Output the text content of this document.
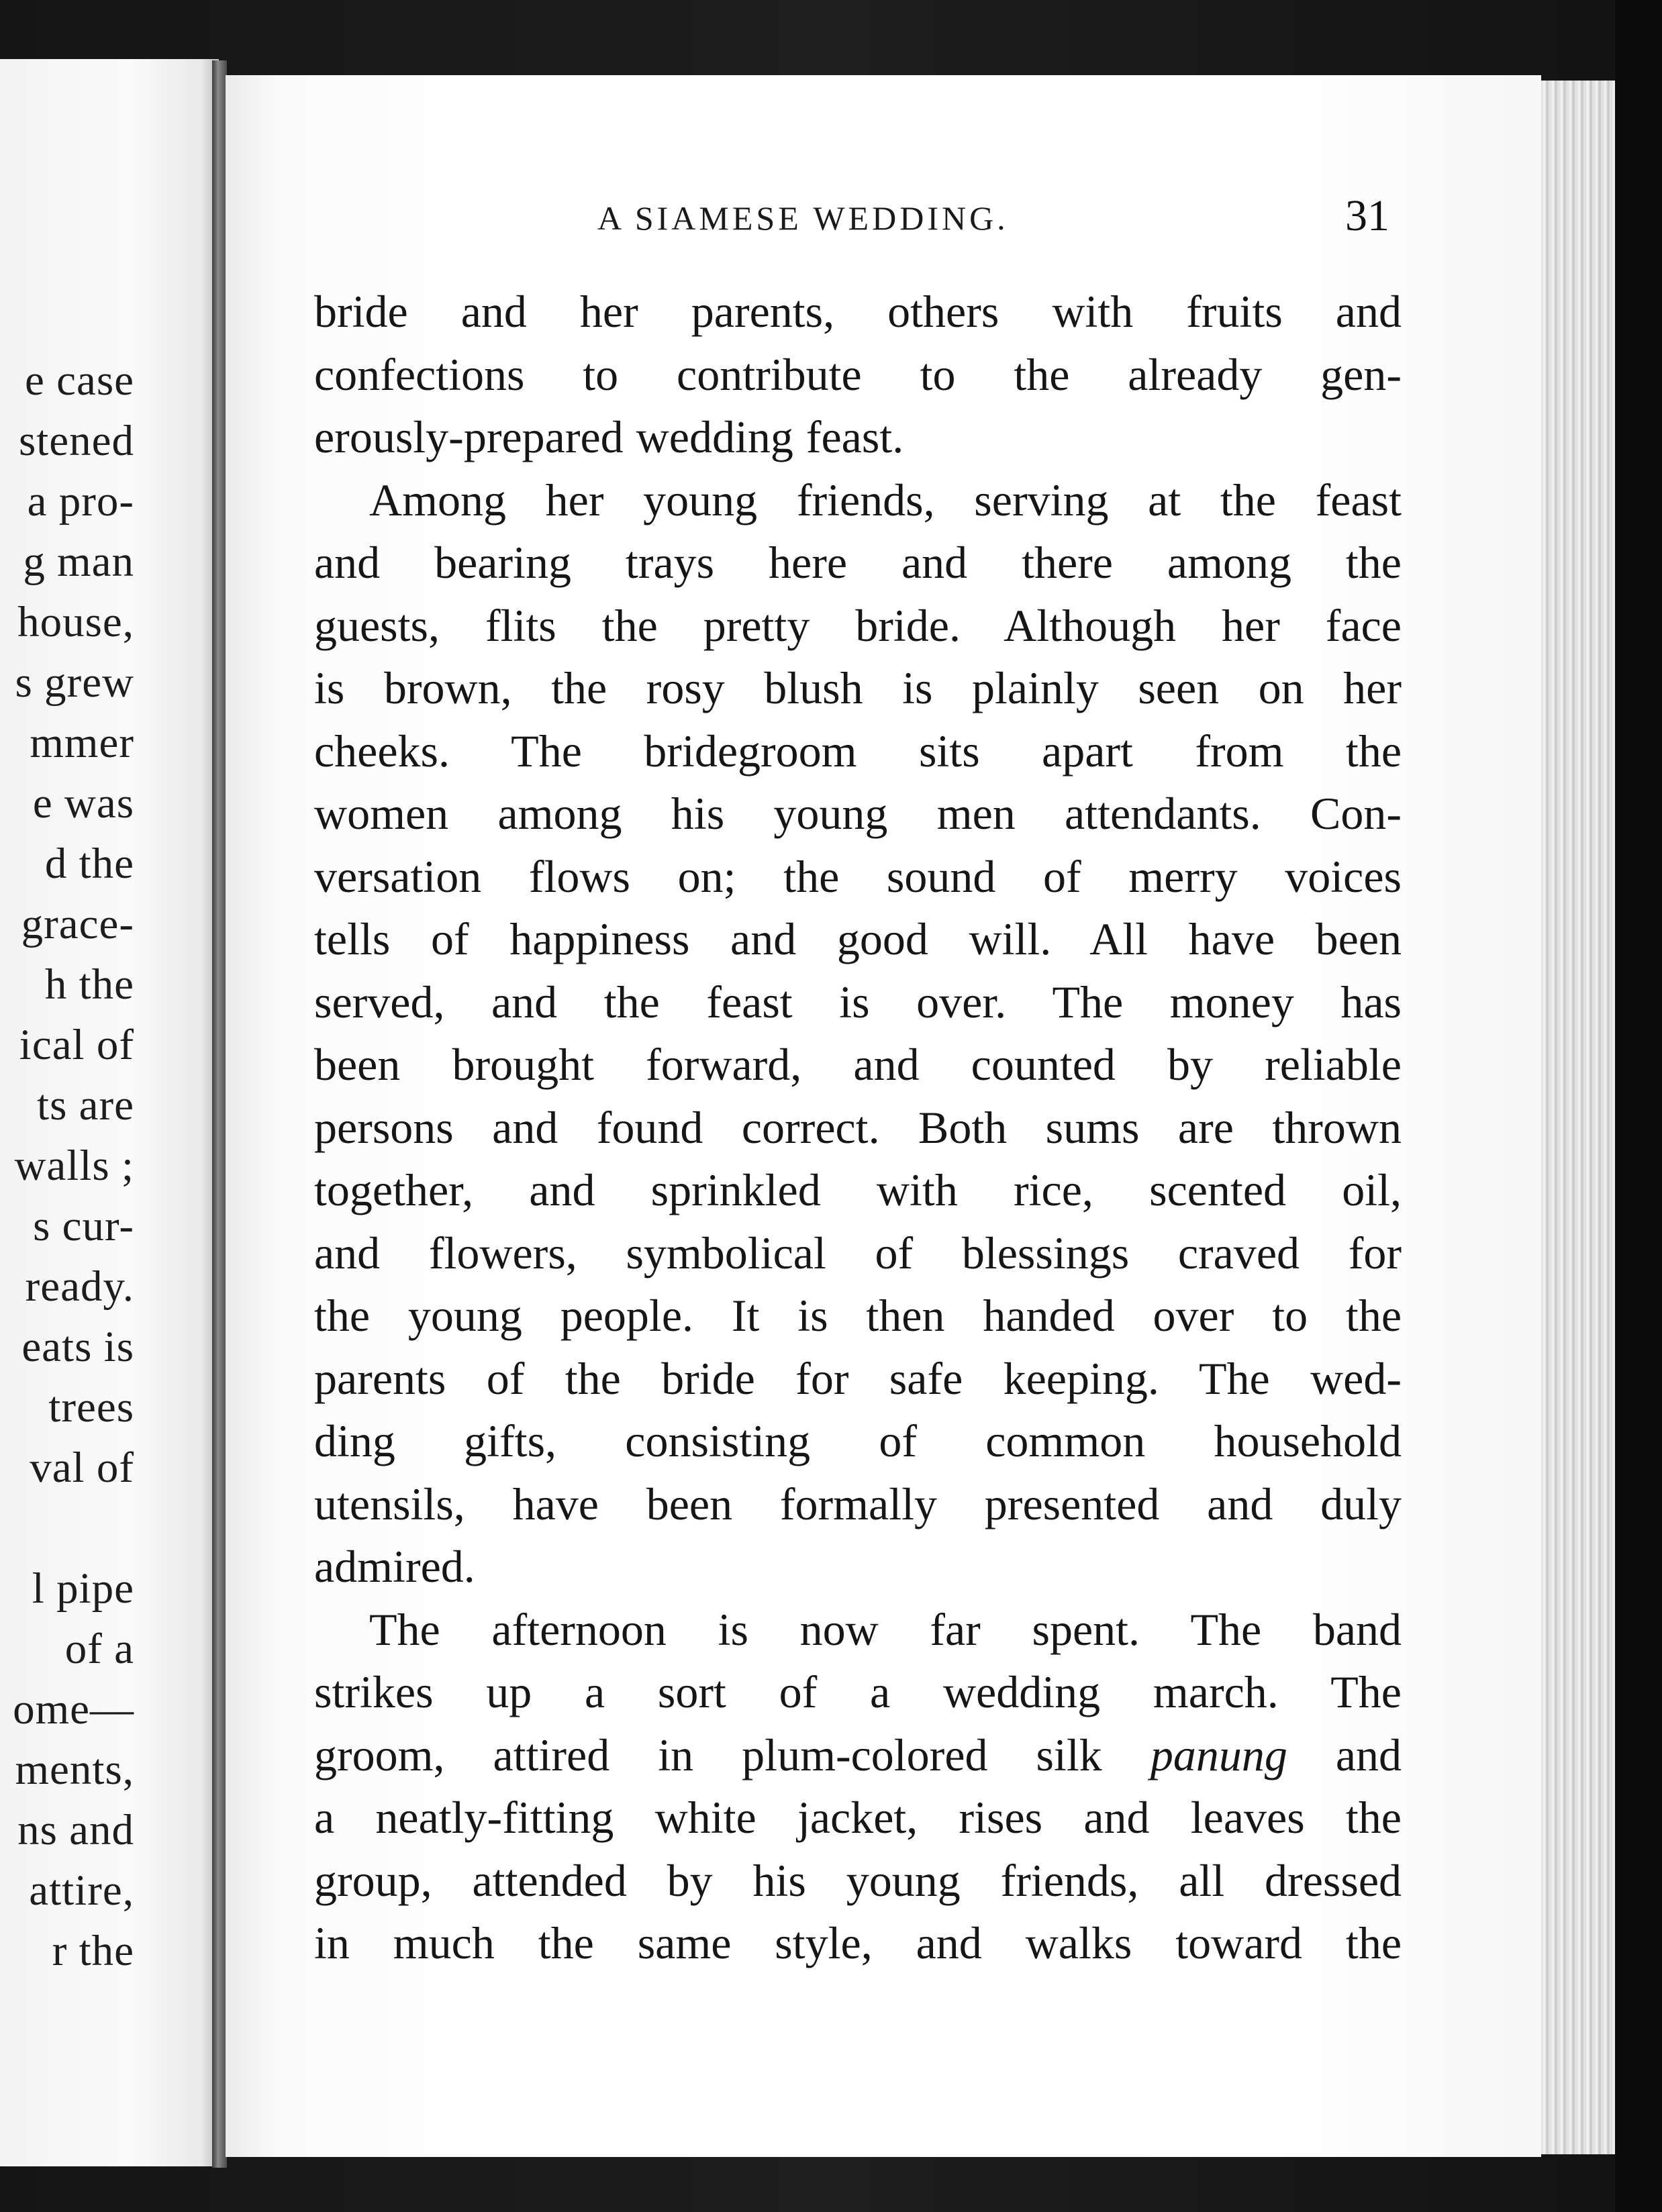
e case
stened
a pro-
g man
house,
s grew
mmer
e was
d the
grace-
h the
ical of
ts are
walls ;
s cur-
ready.
eats is
trees
val of
l pipe
of a
ome—
ments,
ns and
attire,
r the
A SIAMESE WEDDING.	31
bride and her parents, others with fruits and
confections to contribute to the already gen-
erously-prepared wedding feast.
Among her young friends, serving at the feast
and bearing trays here and there among the
guests, flits the pretty bride. Although her face
is brown, the rosy blush is plainly seen on her
cheeks. The bridegroom sits apart from the
women among his young men attendants. Con-
versation flows on; the sound of merry voices
tells of happiness and good will. All have been
served, and the feast is over. The money has
been brought forward, and counted by reliable
persons and found correct. Both sums are thrown
together, and sprinkled with rice, scented oil,
and flowers, symbolical of blessings craved for
the young people. It is then handed over to the
parents of the bride for safe keeping. The wed-
ding gifts, consisting of common household
utensils, have been formally presented and duly
admired.
The afternoon is now far spent. The band
strikes up a sort of a wedding march. The
groom, attired in plum-colored silk panung and
a neatly-fitting white jacket, rises and leaves the
group, attended by his young friends, all dressed
in much the same style, and walks toward the
